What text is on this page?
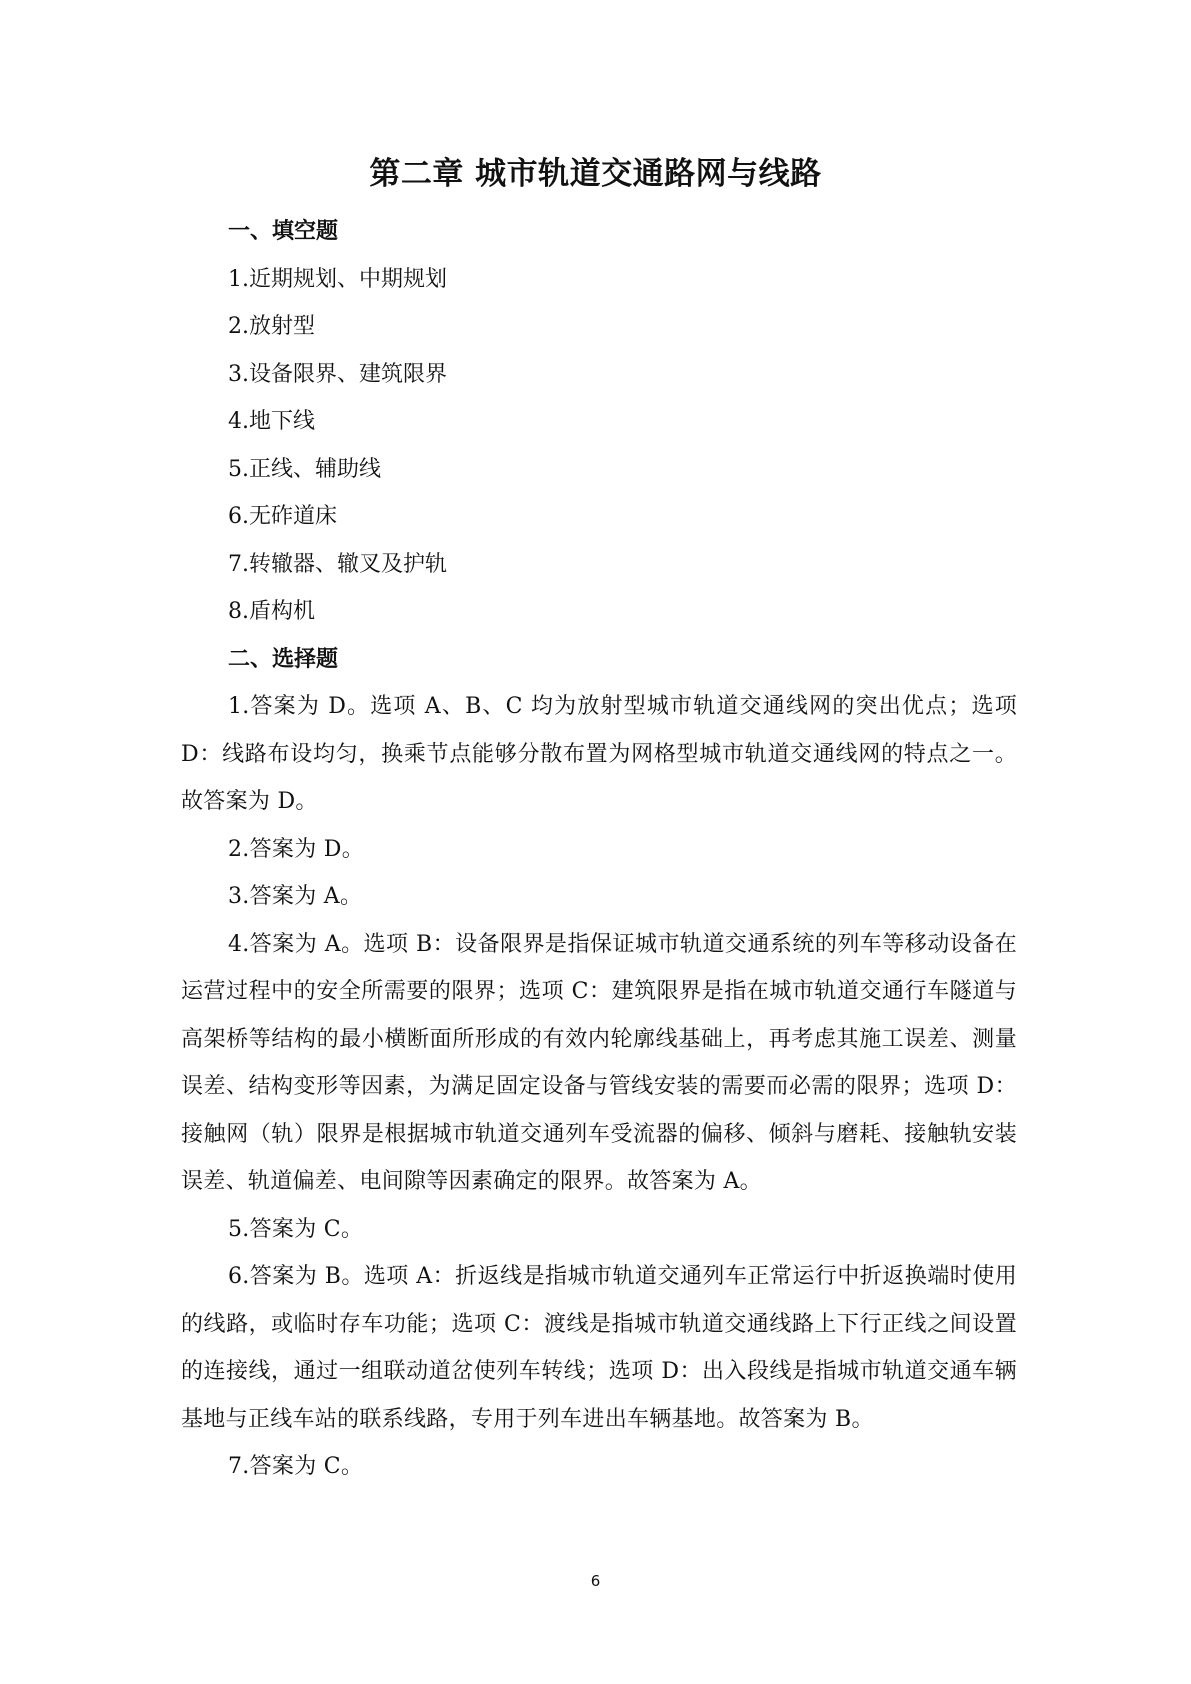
第二章 城市轨道交通路网与线路
一、填空题
1.近期规划、中期规划
2.放射型
3.设备限界、建筑限界
4.地下线
5.正线、辅助线
6.无砟道床
7.转辙器、辙叉及护轨
8.盾构机
二、选择题
1.答案为 D。选项 A、B、C 均为放射型城市轨道交通线网的突出优点；选项 D：线路布设均匀，换乘节点能够分散布置为网格型城市轨道交通线网的特点之一。故答案为 D。
2.答案为 D。
3.答案为 A。
4.答案为 A。选项 B：设备限界是指保证城市轨道交通系统的列车等移动设备在运营过程中的安全所需要的限界；选项 C：建筑限界是指在城市轨道交通行车隧道与高架桥等结构的最小横断面所形成的有效内轮廓线基础上，再考虑其施工误差、测量误差、结构变形等因素，为满足固定设备与管线安装的需要而必需的限界；选项 D：接触网（轨）限界是根据城市轨道交通列车受流器的偏移、倾斜与磨耗、接触轨安装误差、轨道偏差、电间隙等因素确定的限界。故答案为 A。
5.答案为 C。
6.答案为 B。选项 A：折返线是指城市轨道交通列车正常运行中折返换端时使用的线路，或临时存车功能；选项 C：渡线是指城市轨道交通线路上下行正线之间设置的连接线，通过一组联动道岔使列车转线；选项 D：出入段线是指城市轨道交通车辆基地与正线车站的联系线路，专用于列车进出车辆基地。故答案为 B。
7.答案为 C。
6
